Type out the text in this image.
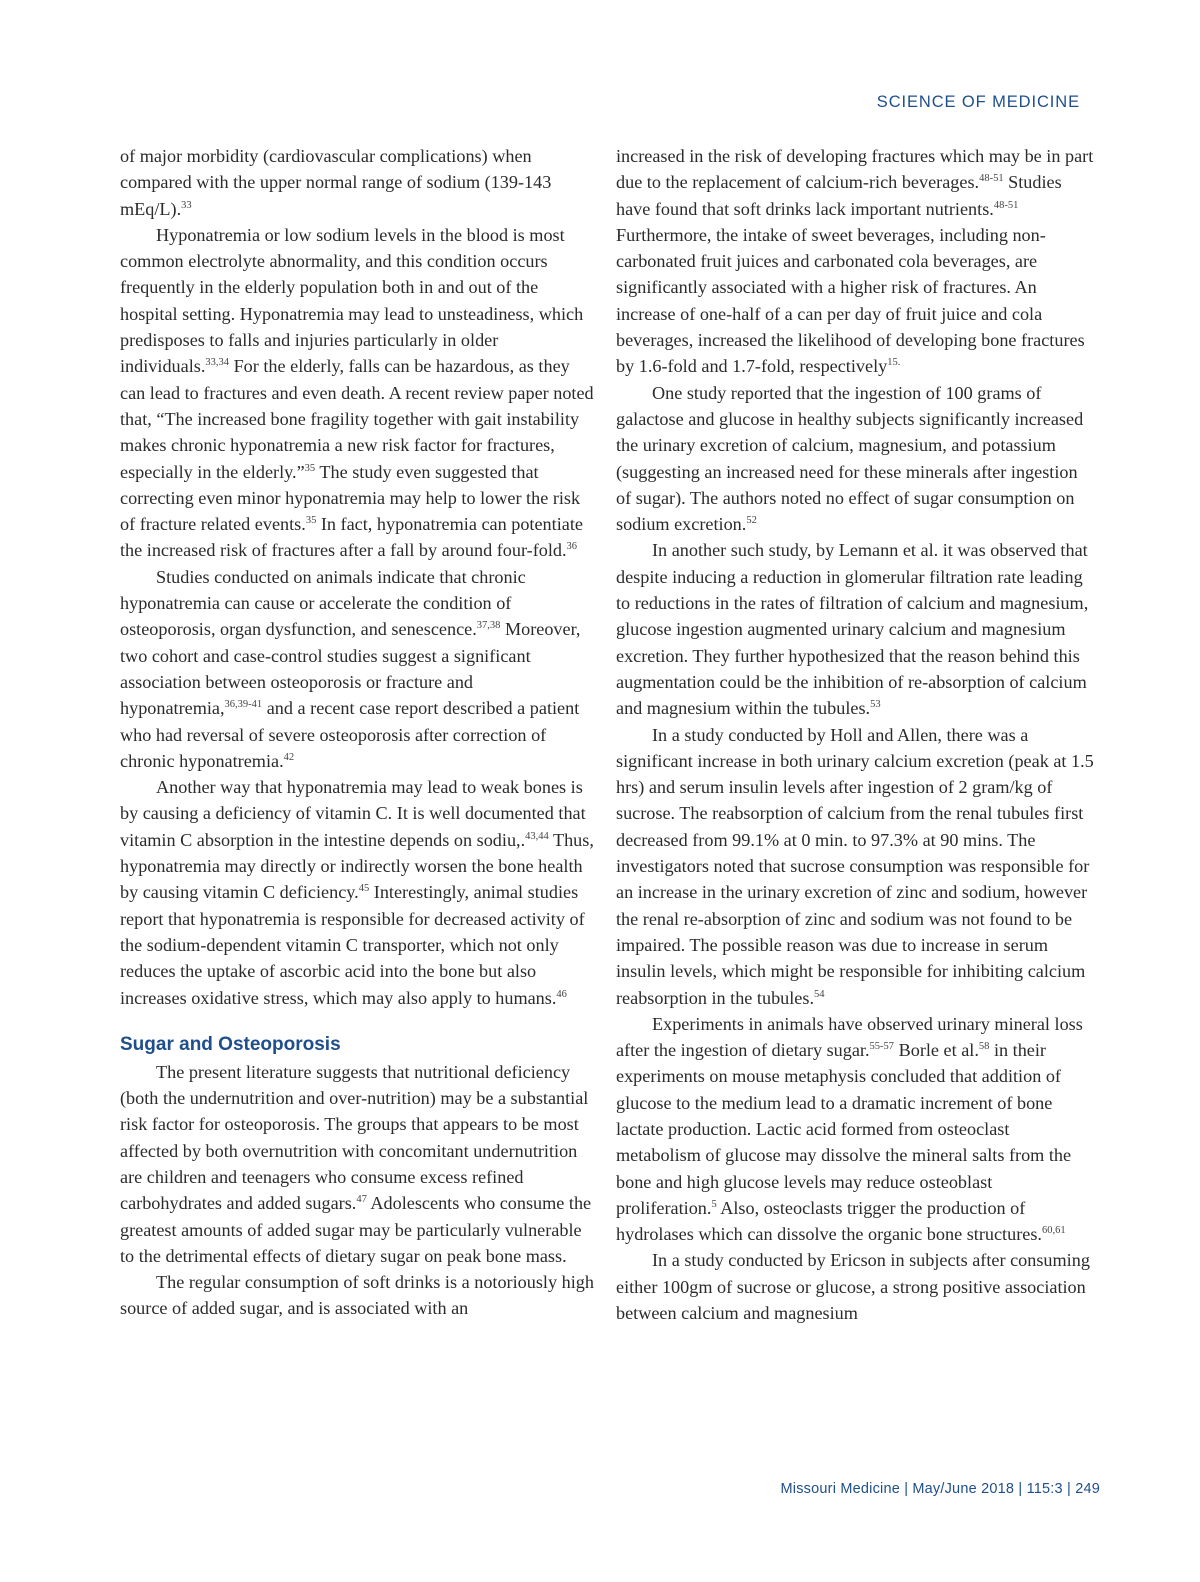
SCIENCE OF MEDICINE

of major morbidity (cardiovascular complications) when compared with the upper normal range of sodium (139-143 mEq/L).$^{33}$

Hyponatremia or low sodium levels in the blood is most common electrolyte abnormality, and this condition occurs frequently in the elderly population both in and out of the hospital setting. Hyponatremia may lead to unsteadiness, which predisposes to falls and injuries particularly in older individuals.$^{33,34}$ For the elderly, falls can be hazardous, as they can lead to fractures and even death. A recent review paper noted that, “The increased bone fragility together with gait instability makes chronic hyponatremia a new risk factor for fractures, especially in the elderly.”$^{35}$ The study even suggested that correcting even minor hyponatremia may help to lower the risk of fracture related events.$^{35}$ In fact, hyponatremia can potentiate the increased risk of fractures after a fall by around four-fold.$^{36}$

Studies conducted on animals indicate that chronic hyponatremia can cause or accelerate the condition of osteoporosis, organ dysfunction, and senescence.$^{37,38}$ Moreover, two cohort and case-control studies suggest a significant association between osteoporosis or fracture and hyponatremia,$^{36,39-41}$ and a recent case report described a patient who had reversal of severe osteoporosis after correction of chronic hyponatremia.$^{42}$

Another way that hyponatremia may lead to weak bones is by causing a deficiency of vitamin C. It is well documented that vitamin C absorption in the intestine depends on sodiu,.$^{43,44}$ Thus, hyponatremia may directly or indirectly worsen the bone health by causing vitamin C deficiency.$^{45}$ Interestingly, animal studies report that hyponatremia is responsible for decreased activity of the sodium-dependent vitamin C transporter, which not only reduces the uptake of ascorbic acid into the bone but also increases oxidative stress, which may also apply to humans.$^{46}$

Sugar and Osteoporosis

The present literature suggests that nutritional deficiency (both the undernutrition and over-nutrition) may be a substantial risk factor for osteoporosis. The groups that appears to be most affected by both overnutrition with concomitant undernutrition are children and teenagers who consume excess refined carbohydrates and added sugars.$^{47}$ Adolescents who consume the greatest amounts of added sugar may be particularly vulnerable to the detrimental effects of dietary sugar on peak bone mass.

The regular consumption of soft drinks is a notoriously high source of added sugar, and is associated with an

increased in the risk of developing fractures which may be in part due to the replacement of calcium-rich beverages.$^{48-51}$ Studies have found that soft drinks lack important nutrients.$^{48-51}$ Furthermore, the intake of sweet beverages, including non-carbonated fruit juices and carbonated cola beverages, are significantly associated with a higher risk of fractures. An increase of one-half of a can per day of fruit juice and cola beverages, increased the likelihood of developing bone fractures by 1.6-fold and 1.7-fold, respectively$^{15.}$

One study reported that the ingestion of 100 grams of galactose and glucose in healthy subjects significantly increased the urinary excretion of calcium, magnesium, and potassium (suggesting an increased need for these minerals after ingestion of sugar). The authors noted no effect of sugar consumption on sodium excretion.$^{52}$

In another such study, by Lemann et al. it was observed that despite inducing a reduction in glomerular filtration rate leading to reductions in the rates of filtration of calcium and magnesium, glucose ingestion augmented urinary calcium and magnesium excretion. They further hypothesized that the reason behind this augmentation could be the inhibition of re-absorption of calcium and magnesium within the tubules.$^{53}$

In a study conducted by Holl and Allen, there was a significant increase in both urinary calcium excretion (peak at 1.5 hrs) and serum insulin levels after ingestion of 2 gram/kg of sucrose. The reabsorption of calcium from the renal tubules first decreased from 99.1% at 0 min. to 97.3% at 90 mins. The investigators noted that sucrose consumption was responsible for an increase in the urinary excretion of zinc and sodium, however the renal re-absorption of zinc and sodium was not found to be impaired. The possible reason was due to increase in serum insulin levels, which might be responsible for inhibiting calcium reabsorption in the tubules.$^{54}$

Experiments in animals have observed urinary mineral loss after the ingestion of dietary sugar.$^{55-57}$ Borle et al.$^{58}$ in their experiments on mouse metaphysis concluded that addition of glucose to the medium lead to a dramatic increment of bone lactate production. Lactic acid formed from osteoclast metabolism of glucose may dissolve the mineral salts from the bone and high glucose levels may reduce osteoblast proliferation.$^5$ Also, osteoclasts trigger the production of hydrolases which can dissolve the organic bone structures.$^{60,61}$

In a study conducted by Ericson in subjects after consuming either 100gm of sucrose or glucose, a strong positive association between calcium and magnesium

Missouri Medicine | May/June 2018 | 115:3 | 249
